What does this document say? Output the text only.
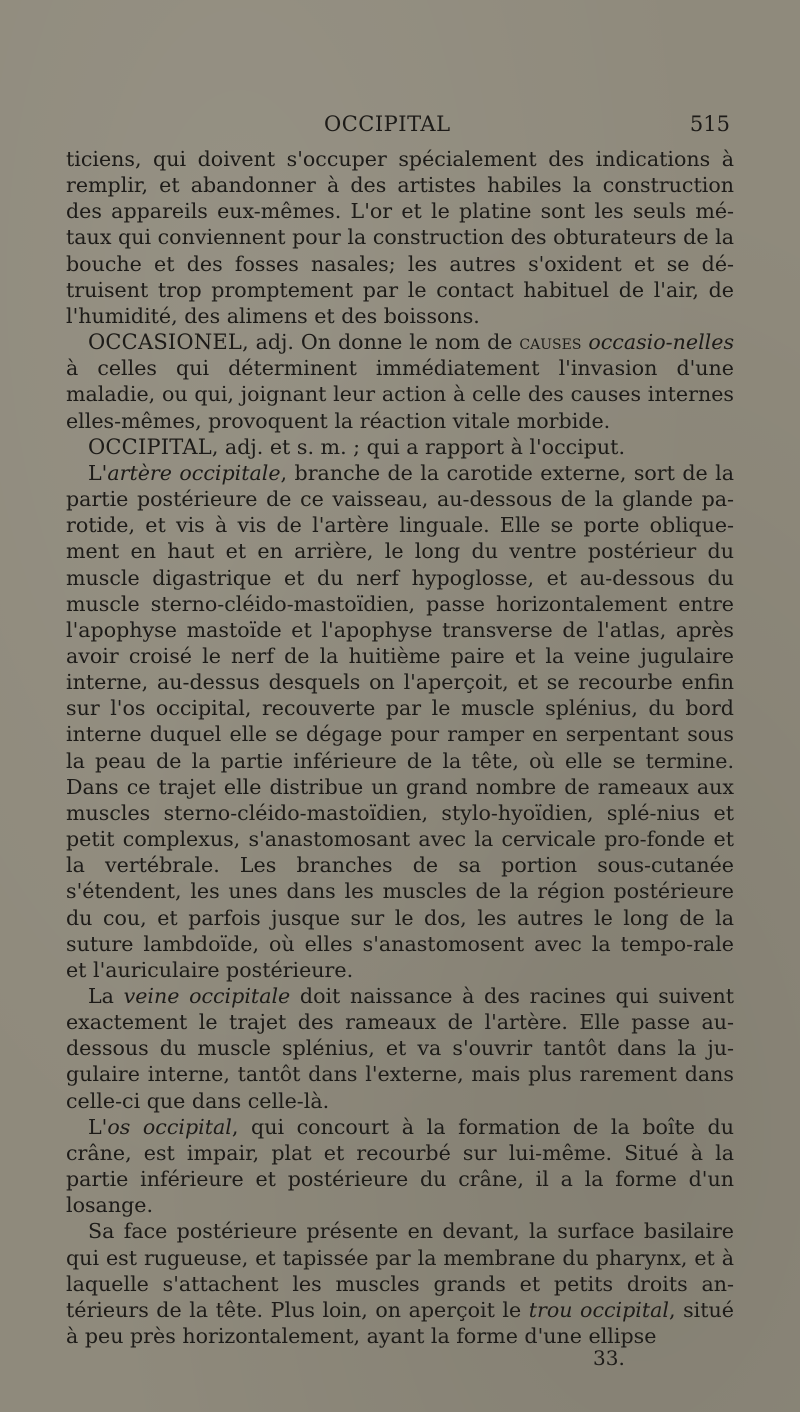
OCCIPITAL	515

ticiens, qui doivent s'occuper spécialement des indications à remplir, et abandonner à des artistes habiles la construction des appareils eux-mêmes. L'or et le platine sont les seuls mé-taux qui conviennent pour la construction des obturateurs de la bouche et des fosses nasales; les autres s'oxident et se dé-truisent trop promptement par le contact habituel de l'air, de l'humidité, des alimens et des boissons.

OCCASIONEL, adj. On donne le nom de causes occasio-nelles à celles qui déterminent immédiatement l'invasion d'une maladie, ou qui, joignant leur action à celle des causes internes elles-mêmes, provoquent la réaction vitale morbide.

OCCIPITAL, adj. et s. m. ; qui a rapport à l'occiput.

L'artère occipitale, branche de la carotide externe, sort de la partie postérieure de ce vaisseau, au-dessous de la glande pa-rotide, et vis à vis de l'artère linguale. Elle se porte oblique-ment en haut et en arrière, le long du ventre postérieur du muscle digastrique et du nerf hypoglosse, et au-dessous du muscle sterno-cléido-mastoïdien, passe horizontalement entre l'apophyse mastoïde et l'apophyse transverse de l'atlas, après avoir croisé le nerf de la huitième paire et la veine jugulaire interne, au-dessus desquels on l'aperçoit, et se recourbe enfin sur l'os occipital, recouverte par le muscle splénius, du bord interne duquel elle se dégage pour ramper en serpentant sous la peau de la partie inférieure de la tête, où elle se termine. Dans ce trajet elle distribue un grand nombre de rameaux aux muscles sterno-cléido-mastoïdien, stylo-hyoïdien, splé-nius et petit complexus, s'anastomosant avec la cervicale pro-fonde et la vertébrale. Les branches de sa portion sous-cutanée s'étendent, les unes dans les muscles de la région postérieure du cou, et parfois jusque sur le dos, les autres le long de la suture lambdoïde, où elles s'anastomosent avec la tempo-rale et l'auriculaire postérieure.

La veine occipitale doit naissance à des racines qui suivent exactement le trajet des rameaux de l'artère. Elle passe au-dessous du muscle splénius, et va s'ouvrir tantôt dans la ju-gulaire interne, tantôt dans l'externe, mais plus rarement dans celle-ci que dans celle-là.

L'os occipital, qui concourt à la formation de la boîte du crâne, est impair, plat et recourbé sur lui-même. Situé à la partie inférieure et postérieure du crâne, il a la forme d'un losange.

Sa face postérieure présente en devant, la surface basilaire qui est rugueuse, et tapissée par la membrane du pharynx, et à laquelle s'attachent les muscles grands et petits droits an-térieurs de la tête. Plus loin, on aperçoit le trou occipital, situé à peu près horizontalement, ayant la forme d'une ellipse

33.
